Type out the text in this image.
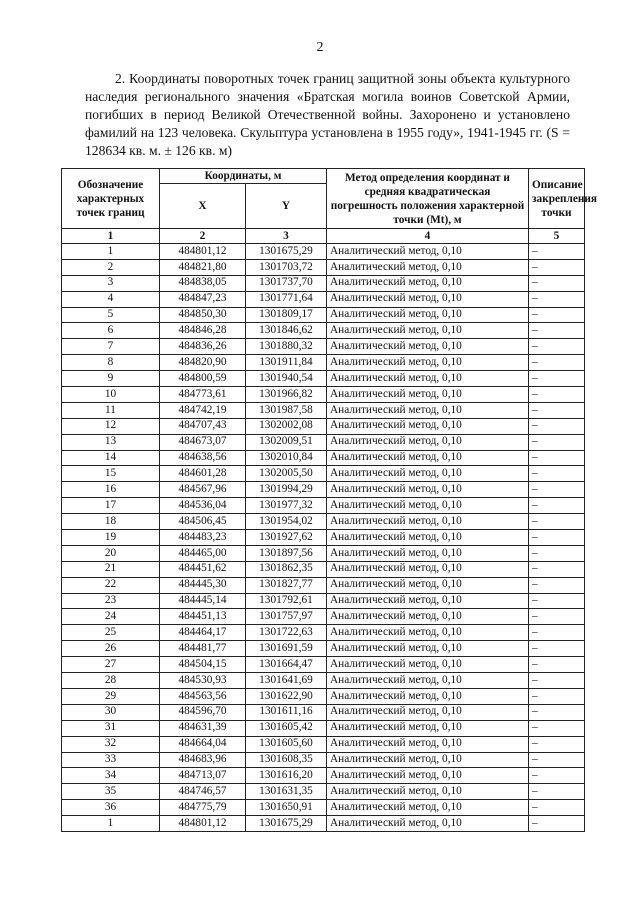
2

2. Координаты поворотных точек границ защитной зоны объекта культурного наследия регионального значения «Братская могила воинов Советской Армии, погибших в период Великой Отечественной войны. Захоронено и установлено фамилий на 123 человека. Скульптура установлена в 1955 году», 1941-1945 гг. (S = 128634 кв. м. ± 126 кв. м)

Обозначение характерных точек границ	Координаты, м		Метод определения координат и средняя квадратическая погрешность положения характерной точки (Mt), м	Описание закрепления точки
	X	Y		
1	2	3	4	5
1	484801,12	1301675,29	Аналитический метод, 0,10	–
2	484821,80	1301703,72	Аналитический метод, 0,10	–
3	484838,05	1301737,70	Аналитический метод, 0,10	–
4	484847,23	1301771,64	Аналитический метод, 0,10	–
5	484850,30	1301809,17	Аналитический метод, 0,10	–
6	484846,28	1301846,62	Аналитический метод, 0,10	–
7	484836,26	1301880,32	Аналитический метод, 0,10	–
8	484820,90	1301911,84	Аналитический метод, 0,10	–
9	484800,59	1301940,54	Аналитический метод, 0,10	–
10	484773,61	1301966,82	Аналитический метод, 0,10	–
11	484742,19	1301987,58	Аналитический метод, 0,10	–
12	484707,43	1302002,08	Аналитический метод, 0,10	–
13	484673,07	1302009,51	Аналитический метод, 0,10	–
14	484638,56	1302010,84	Аналитический метод, 0,10	–
15	484601,28	1302005,50	Аналитический метод, 0,10	–
16	484567,96	1301994,29	Аналитический метод, 0,10	–
17	484536,04	1301977,32	Аналитический метод, 0,10	–
18	484506,45	1301954,02	Аналитический метод, 0,10	–
19	484483,23	1301927,62	Аналитический метод, 0,10	–
20	484465,00	1301897,56	Аналитический метод, 0,10	–
21	484451,62	1301862,35	Аналитический метод, 0,10	–
22	484445,30	1301827,77	Аналитический метод, 0,10	–
23	484445,14	1301792,61	Аналитический метод, 0,10	–
24	484451,13	1301757,97	Аналитический метод, 0,10	–
25	484464,17	1301722,63	Аналитический метод, 0,10	–
26	484481,77	1301691,59	Аналитический метод, 0,10	–
27	484504,15	1301664,47	Аналитический метод, 0,10	–
28	484530,93	1301641,69	Аналитический метод, 0,10	–
29	484563,56	1301622,90	Аналитический метод, 0,10	–
30	484596,70	1301611,16	Аналитический метод, 0,10	–
31	484631,39	1301605,42	Аналитический метод, 0,10	–
32	484664,04	1301605,60	Аналитический метод, 0,10	–
33	484683,96	1301608,35	Аналитический метод, 0,10	–
34	484713,07	1301616,20	Аналитический метод, 0,10	–
35	484746,57	1301631,35	Аналитический метод, 0,10	–
36	484775,79	1301650,91	Аналитический метод, 0,10	–
1	484801,12	1301675,29	Аналитический метод, 0,10	–
